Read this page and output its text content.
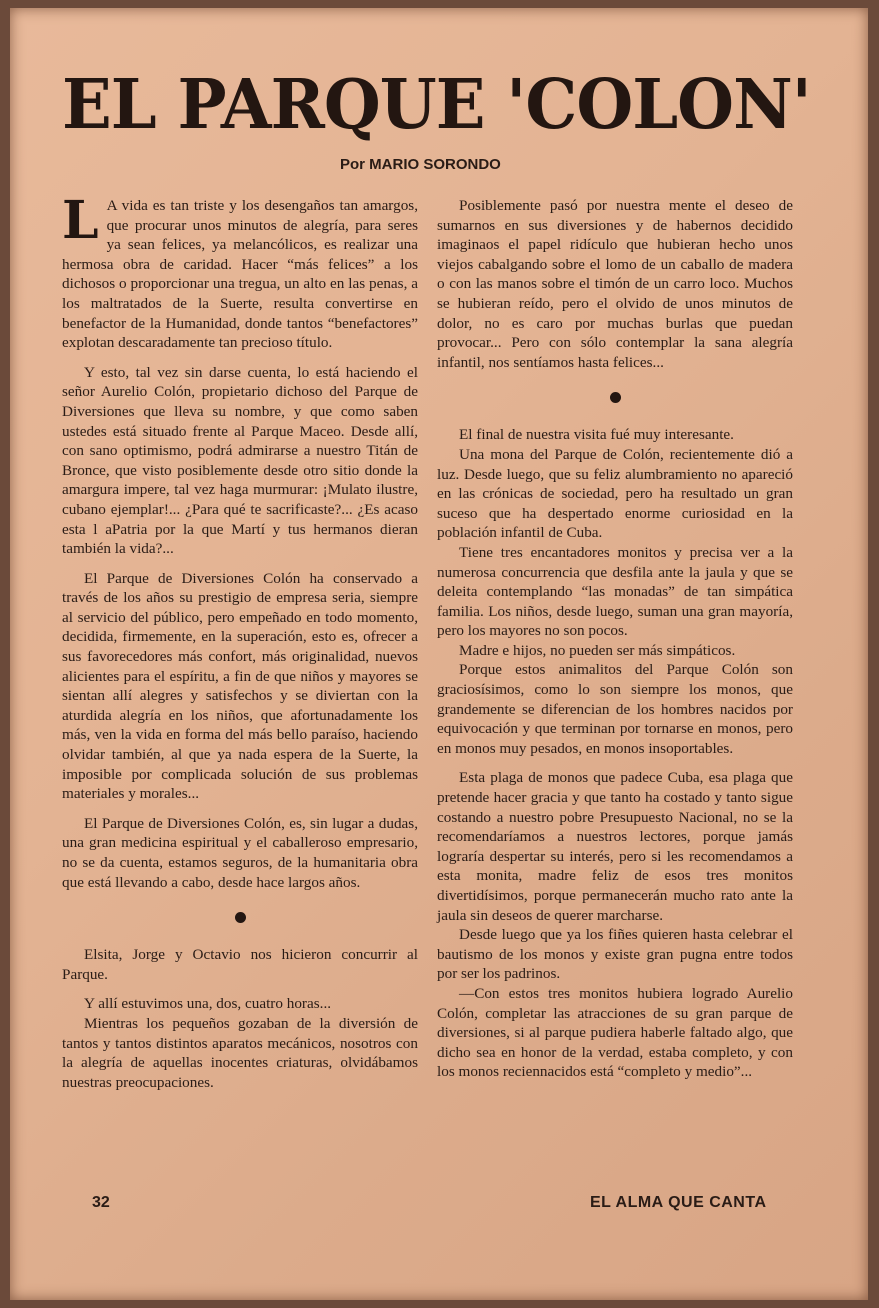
EL PARQUE 'COLON'
Por MARIO SORONDO

L A vida es tan triste y los desengaños tan amargos, que procurar unos minutos de alegría, para seres ya sean felices, ya melancólicos, es realizar una hermosa obra de caridad. Hacer “más felices” a los dichosos o proporcionar una tregua, un alto en las penas, a los maltratados de la Suerte, resulta convertirse en benefactor de la Humanidad, donde tantos “benefactores” explotan descaradamente tan precioso título.

Y esto, tal vez sin darse cuenta, lo está haciendo el señor Aurelio Colón, propietario dichoso del Parque de Diversiones que lleva su nombre, y que como saben ustedes está situado frente al Parque Maceo. Desde allí, con sano optimismo, podrá admirarse a nuestro Titán de Bronce, que visto posiblemente desde otro sitio donde la amargura impere, tal vez haga murmurar: ¡Mulato ilustre, cubano ejemplar!... ¿Para qué te sacrificaste?... ¿Es acaso esta l aPatria por la que Martí y tus hermanos dieran también la vida?...

El Parque de Diversiones Colón ha conservado a través de los años su prestigio de empresa seria, siempre al servicio del público, pero empeñado en todo momento, decidida, firmemente, en la superación, esto es, ofrecer a sus favorecedores más confort, más originalidad, nuevos alicientes para el espíritu, a fin de que niños y mayores se sientan allí alegres y satisfechos y se diviertan con la aturdida alegría en los niños, que afortunadamente los más, ven la vida en forma del más bello paraíso, haciendo olvidar también, al que ya nada espera de la Suerte, la imposible por complicada solución de sus problemas materiales y morales...

El Parque de Diversiones Colón, es, sin lugar a dudas, una gran medicina espiritual y el caballeroso empresario, no se da cuenta, estamos seguros, de la humanitaria obra que está llevando a cabo, desde hace largos años.

Elsita, Jorge y Octavio nos hicieron concurrir al Parque.

Y allí estuvimos una, dos, cuatro horas...

Mientras los pequeños gozaban de la diversión de tantos y tantos distintos aparatos mecánicos, nosotros con la alegría de aquellas inocentes criaturas, olvidábamos nuestras preocupaciones.

Posiblemente pasó por nuestra mente el deseo de sumarnos en sus diversiones y de habernos decidido imaginaos el papel ridículo que hubieran hecho unos viejos cabalgando sobre el lomo de un caballo de madera o con las manos sobre el timón de un carro loco. Muchos se hubieran reído, pero el olvido de unos minutos de dolor, no es caro por muchas burlas que puedan provocar... Pero con sólo contemplar la sana alegría infantil, nos sentíamos hasta felices...

El final de nuestra visita fué muy interesante.

Una mona del Parque de Colón, recientemente dió a luz. Desde luego, que su feliz alumbramiento no apareció en las crónicas de sociedad, pero ha resultado un gran suceso que ha despertado enorme curiosidad en la población infantil de Cuba.

Tiene tres encantadores monitos y precisa ver a la numerosa concurrencia que desfila ante la jaula y que se deleita contemplando “las monadas” de tan simpática familia. Los niños, desde luego, suman una gran mayoría, pero los mayores no son pocos.

Madre e hijos, no pueden ser más simpáticos.

Porque estos animalitos del Parque Colón son graciosísimos, como lo son siempre los monos, que grandemente se diferencian de los hombres nacidos por equivocación y que terminan por tornarse en monos, pero en monos muy pesados, en monos insoportables.

Esta plaga de monos que padece Cuba, esa plaga que pretende hacer gracia y que tanto ha costado y tanto sigue costando a nuestro pobre Presupuesto Nacional, no se la recomendaríamos a nuestros lectores, porque jamás lograría despertar su interés, pero si les recomendamos a esta monita, madre feliz de esos tres monitos divertidísimos, porque permanecerán mucho rato ante la jaula sin deseos de querer marcharse.

Desde luego que ya los fiñes quieren hasta celebrar el bautismo de los monos y existe gran pugna entre todos por ser los padrinos.

—Con estos tres monitos hubiera logrado Aurelio Colón, completar las atracciones de su gran parque de diversiones, si al parque pudiera haberle faltado algo, que dicho sea en honor de la verdad, estaba completo, y con los monos reciennacidos está “completo y medio”...

32	EL ALMA QUE CANTA
